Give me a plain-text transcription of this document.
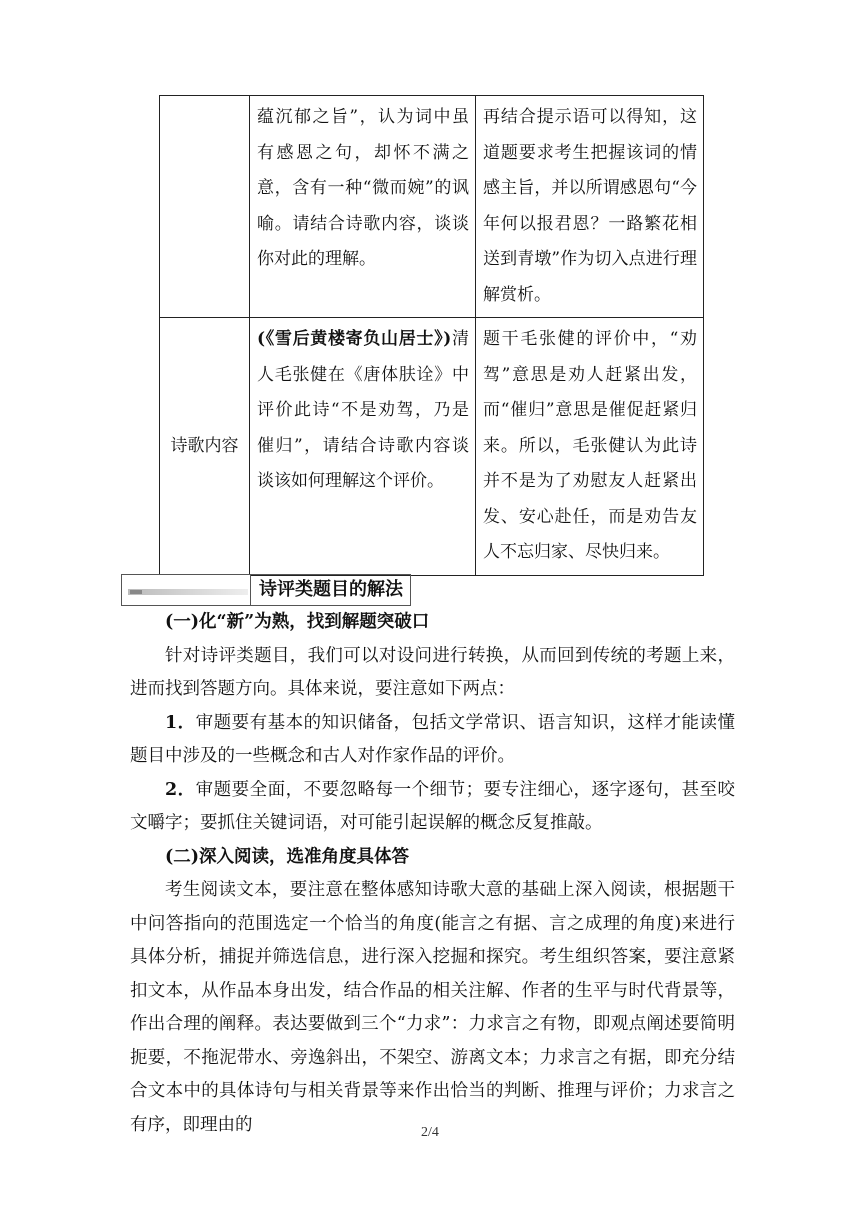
	蕴沉郁之旨”，认为词中虽有感恩之句，却怀不满之意，含有一种“微而婉”的讽喻。请结合诗歌内容，谈谈你对此的理解。	再结合提示语可以得知，这道题要求考生把握该词的情感主旨，并以所谓感恩句“今年何以报君恩？一路繁花相送到青墩”作为切入点进行理解赏析。

诗歌内容	(《雪后黄楼寄负山居士》)清人毛张健在《唐体肤诠》中评价此诗“不是劝驾，乃是催归”，请结合诗歌内容谈谈该如何理解这个评价。	题干毛张健的评价中，“劝驾”意思是劝人赶紧出发，而“催归”意思是催促赶紧归来。所以，毛张健认为此诗并不是为了劝慰友人赶紧出发、安心赴任，而是劝告友人不忘归家、尽快归来。
诗评类题目的解法

(一)化“新”为熟，找到解题突破口

针对诗评类题目，我们可以对设问进行转换，从而回到传统的考题上来，进而找到答题方向。具体来说，要注意如下两点：

1．审题要有基本的知识储备，包括文学常识、语言知识，这样才能读懂题目中涉及的一些概念和古人对作家作品的评价。

2．审题要全面，不要忽略每一个细节；要专注细心，逐字逐句，甚至咬文嚼字；要抓住关键词语，对可能引起误解的概念反复推敲。

(二)深入阅读，选准角度具体答

考生阅读文本，要注意在整体感知诗歌大意的基础上深入阅读，根据题干中问答指向的范围选定一个恰当的角度(能言之有据、言之成理的角度)来进行具体分析，捕捉并筛选信息，进行深入挖掘和探究。考生组织答案，要注意紧扣文本，从作品本身出发，结合作品的相关注解、作者的生平与时代背景等，作出合理的阐释。表达要做到三个“力求”：力求言之有物，即观点阐述要简明扼要，不拖泥带水、旁逸斜出，不架空、游离文本；力求言之有据，即充分结合文本中的具体诗句与相关背景等来作出恰当的判断、推理与评价；力求言之有序，即理由的	2/4
